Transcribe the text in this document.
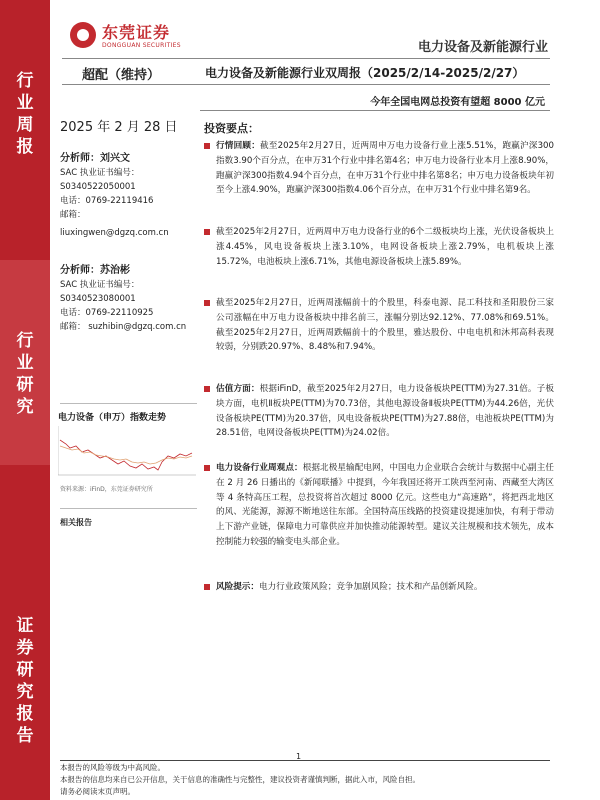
行
业
周
报
行
业
研
究
证
券
研
究
报
告
东莞证券
DONGGUAN SECURITIES	电力设备及新能源行业
超配（维持）	电力设备及新能源行业双周报（2025/2/14-2025/2/27）
今年全国电网总投资有望超 8000 亿元
2025 年 2 月 28 日 投资要点：
分析师：刘兴文
SAC 执业证书编号：
S0340522050001
电话：0769-22119416
邮箱：
liuxingwen@dgzq.com.cn
分析师：苏治彬
SAC 执业证书编号：
S0340523080001
电话：0769-22110925
邮箱： suzhibin@dgzq.com.cn
电力设备（申万）指数走势
资料来源：iFinD，东莞证券研究所
相关报告
行情回顾：截至2025年2月27日，近两周申万电力设备行业上涨5.51%，跑赢沪深300指数3.90个百分点，在申万31个行业中排名第4名；申万电力设备行业本月上涨8.90%，跑赢沪深300指数4.94个百分点，在申万31个行业中排名第8名；申万电力设备板块年初至今上涨4.90%，跑赢沪深300指数4.06个百分点，在申万31个行业中排名第9名。
截至2025年2月27日，近两周申万电力设备行业的6个二级板块均上涨，光伏设备板块上涨4.45%，风电设备板块上涨3.10%，电网设备板块上涨2.79%，电机板块上涨15.72%，电池板块上涨6.71%，其他电源设备板块上涨5.89%。
截至2025年2月27日，近两周涨幅前十的个股里，科泰电源、昆工科技和圣阳股份三家公司涨幅在申万电力设备板块中排名前三，涨幅分别达92.12%、77.08%和69.51%。截至2025年2月27日，近两周跌幅前十的个股里，雅达股份、中电电机和沐邦高科表现较弱，分别跌20.97%、8.48%和7.94%。
估值方面：根据iFinD，截至2025年2月27日，电力设备板块PE(TTM)为27.31倍。子板块方面，电机Ⅱ板块PE(TTM)为70.73倍，其他电源设备Ⅱ板块PE(TTM)为44.26倍，光伏设备板块PE(TTM)为20.37倍，风电设备板块PE(TTM)为27.88倍，电池板块PE(TTM)为28.51倍，电网设备板块PE(TTM)为24.02倍。
电力设备行业周观点：根据北极星输配电网，中国电力企业联合会统计与数据中心副主任在 2 月 26 日播出的《新闻联播》中提到，今年我国还将开工陕西至河南、西藏至大湾区等 4 条特高压工程，总投资将首次超过 8000 亿元。这些电力“高速路”，将把西北地区的风、光能源，源源不断地送往东部。全国特高压线路的投资建设提速加快，有利于带动上下游产业链，保障电力可靠供应并加快推动能源转型。建议关注规模和技术领先，成本控制能力较强的输变电头部企业。
风险提示：电力行业政策风险；竞争加剧风险；技术和产品创新风险。
1
本报告的风险等级为中高风险。
本报告的信息均来自已公开信息，关于信息的准确性与完整性，建议投资者谨慎判断，据此入市，风险自担。
请务必阅读末页声明。
